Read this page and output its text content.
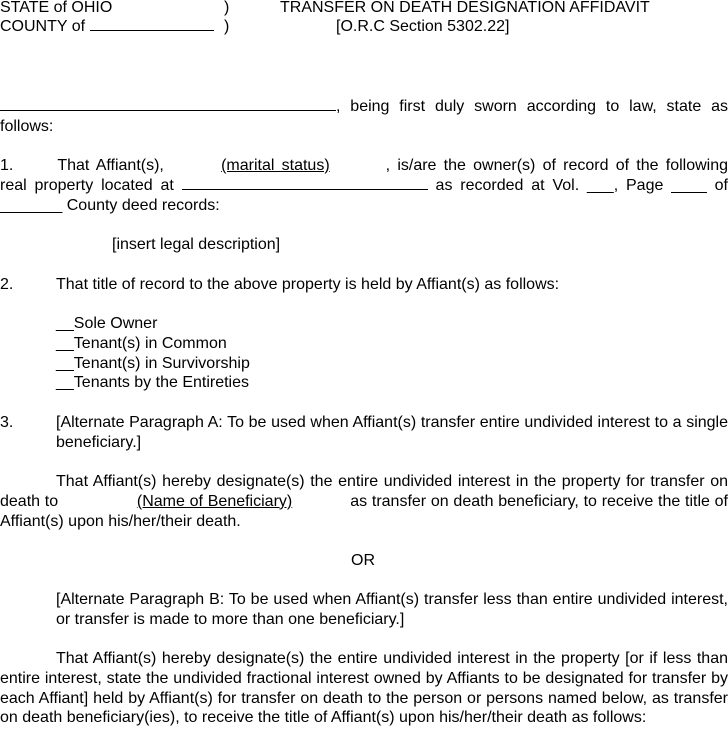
STATE of OHIO	)	TRANSFER ON DEATH DESIGNATION AFFIDAVIT
COUNTY of	)	[O.R.C Section 5302.22]
, being first duly sworn according to law, state as follows:
1.	That Affiant(s),	(marital status)	, is/are the owner(s) of record of the following real property located at	as recorded at Vol. ___, Page ____ of _______ County deed records:
[insert legal description]
2.	That title of record to the above property is held by Affiant(s) as follows:
__Sole Owner
__Tenant(s) in Common
__Tenant(s) in Survivorship
__Tenants by the Entireties
3.	[Alternate Paragraph A: To be used when Affiant(s) transfer entire undivided interest to a single beneficiary.]
That Affiant(s) hereby designate(s) the entire undivided interest in the property for transfer on death to	(Name of Beneficiary)	as transfer on death beneficiary, to receive the title of Affiant(s) upon his/her/their death.
OR
[Alternate Paragraph B: To be used when Affiant(s) transfer less than entire undivided interest, or transfer is made to more than one beneficiary.]
That Affiant(s) hereby designate(s) the entire undivided interest in the property [or if less than entire interest, state the undivided fractional interest owned by Affiants to be designated for transfer by each Affiant] held by Affiant(s) for transfer on death to the person or persons named below, as transfer on death beneficiary(ies), to receive the title of Affiant(s) upon his/her/their death as follows:
